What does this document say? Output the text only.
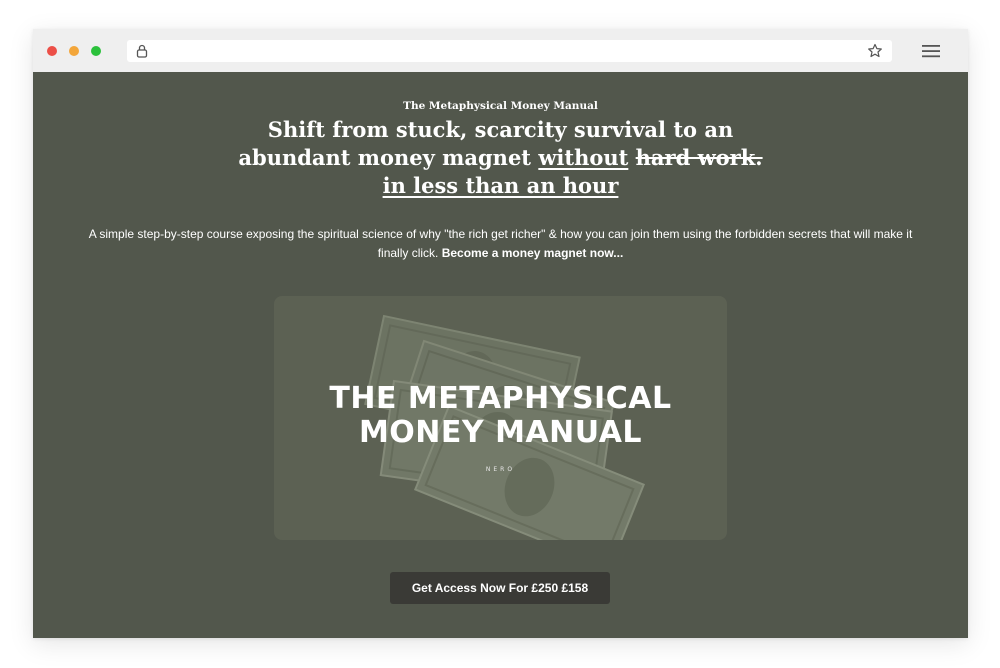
The Metaphysical Money Manual
Shift from stuck, scarcity survival to an
abundant money magnet without hard work.
in less than an hour

A simple step-by-step course exposing the spiritual science of why "the rich get richer" & how you can join them using the forbidden secrets that will make it finally click. Become a money magnet now...

THE METAPHYSICAL
MONEY MANUAL
NERO
Get Access Now For £250 £158
